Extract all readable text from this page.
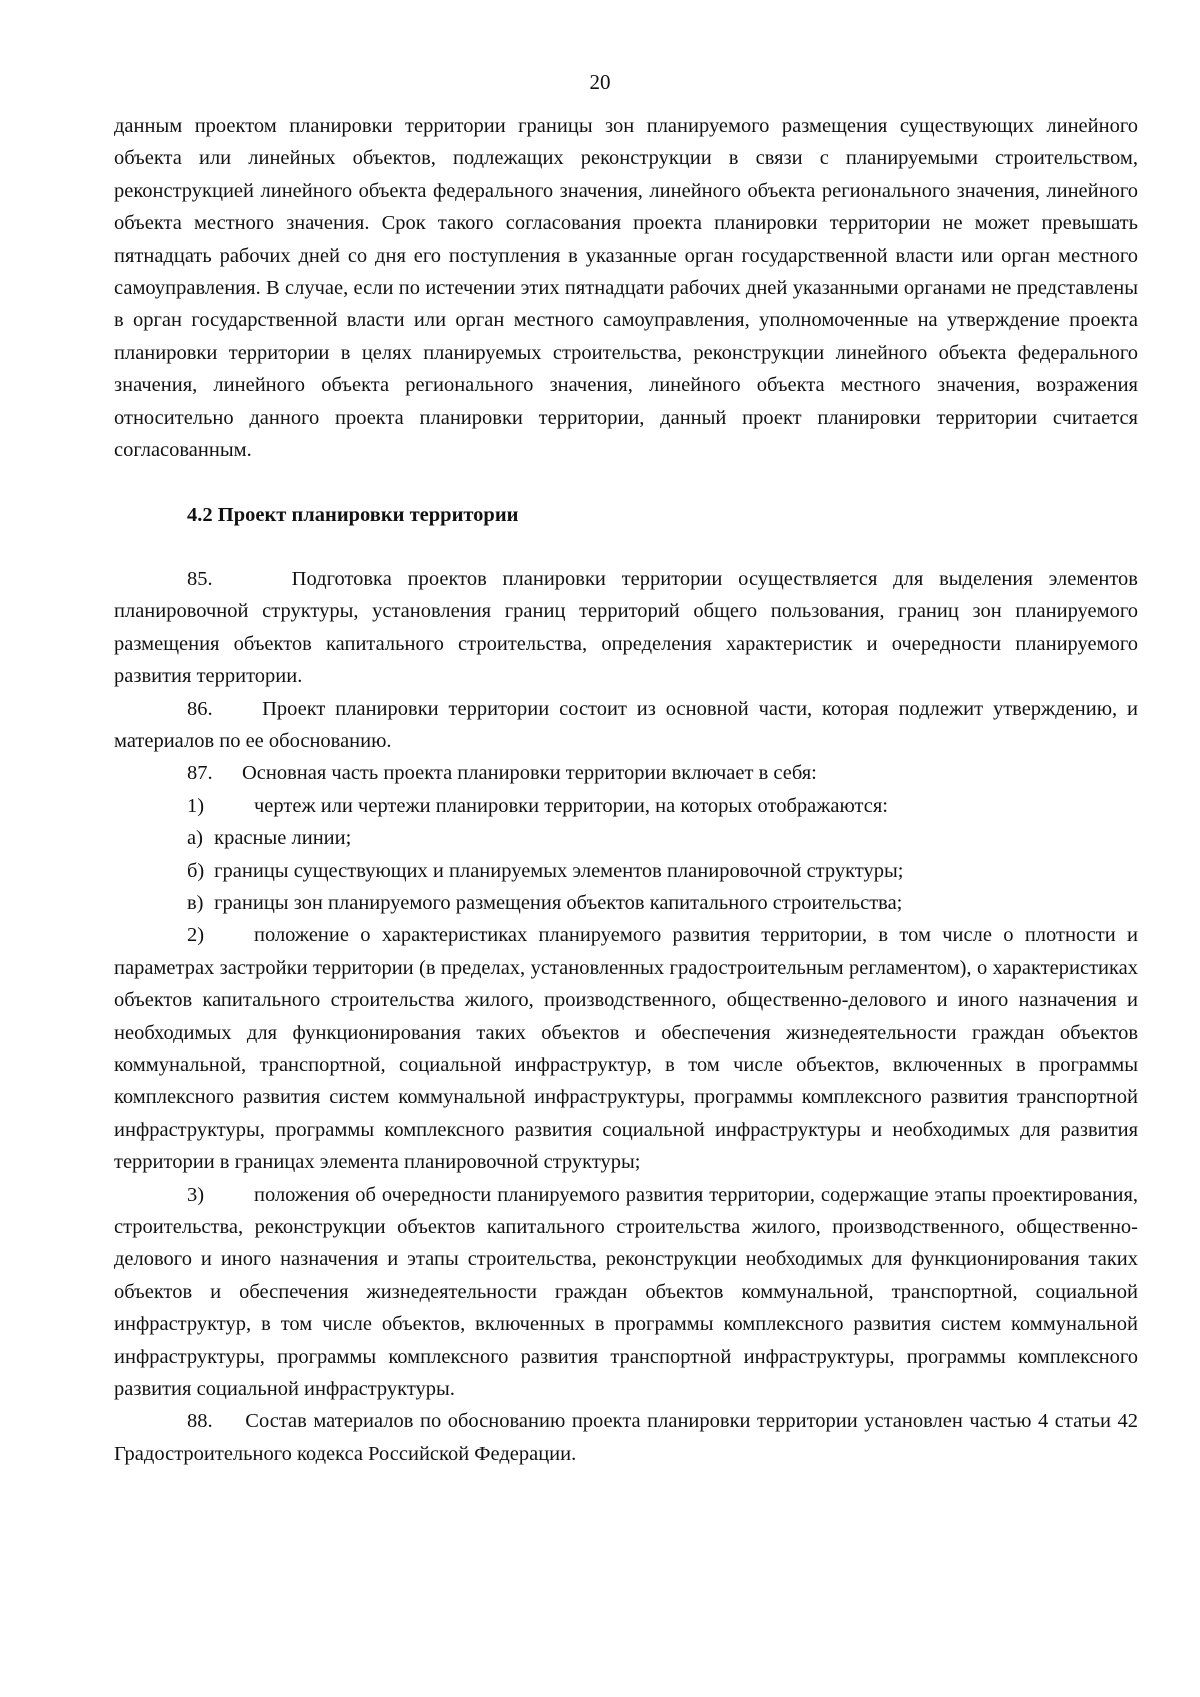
20

данным проектом планировки территории границы зон планируемого размещения существующих линейного объекта или линейных объектов, подлежащих реконструкции в связи с планируемыми строительством, реконструкцией линейного объекта федерального значения, линейного объекта регионального значения, линейного объекта местного значения. Срок такого согласования проекта планировки территории не может превышать пятнадцать рабочих дней со дня его поступления в указанные орган государственной власти или орган местного самоуправления. В случае, если по истечении этих пятнадцати рабочих дней указанными органами не представлены в орган государственной власти или орган местного самоуправления, уполномоченные на утверждение проекта планировки территории в целях планируемых строительства, реконструкции линейного объекта федерального значения, линейного объекта регионального значения, линейного объекта местного значения, возражения относительно данного проекта планировки территории, данный проект планировки территории считается согласованным.

4.2 Проект планировки территории

85.	Подготовка проектов планировки территории осуществляется для выделения элементов планировочной структуры, установления границ территорий общего пользования, границ зон планируемого размещения объектов капитального строительства, определения характеристик и очередности планируемого развития территории.

86. Проект планировки территории состоит из основной части, которая подлежит утверждению, и материалов по ее обоснованию.

87.	Основная часть проекта планировки территории включает в себя:
1)	чертеж или чертежи планировки территории, на которых отображаются:
а) красные линии;
б) границы существующих и планируемых элементов планировочной структуры;
в) границы зон планируемого размещения объектов капитального строительства;

2) положение о характеристиках планируемого развития территории, в том числе о плотности и параметрах застройки территории (в пределах, установленных градостроительным регламентом), о характеристиках объектов капитального строительства жилого, производственного, общественно-делового и иного назначения и необходимых для функционирования таких объектов и обеспечения жизнедеятельности граждан объектов коммунальной, транспортной, социальной инфраструктур, в том числе объектов, включенных в программы комплексного развития систем коммунальной инфраструктуры, программы комплексного развития транспортной инфраструктуры, программы комплексного развития социальной инфраструктуры и необходимых для развития территории в границах элемента планировочной структуры;

3) положения об очередности планируемого развития территории, содержащие этапы проектирования, строительства, реконструкции объектов капитального строительства жилого, производственного, общественно-делового и иного назначения и этапы строительства, реконструкции необходимых для функционирования таких объектов и обеспечения жизнедеятельности граждан объектов коммунальной, транспортной, социальной инфраструктур, в том числе объектов, включенных в программы комплексного развития систем коммунальной инфраструктуры, программы комплексного развития транспортной инфраструктуры, программы комплексного развития социальной инфраструктуры.

88. Состав материалов по обоснованию проекта планировки территории установлен частью 4 статьи 42 Градостроительного кодекса Российской Федерации.
